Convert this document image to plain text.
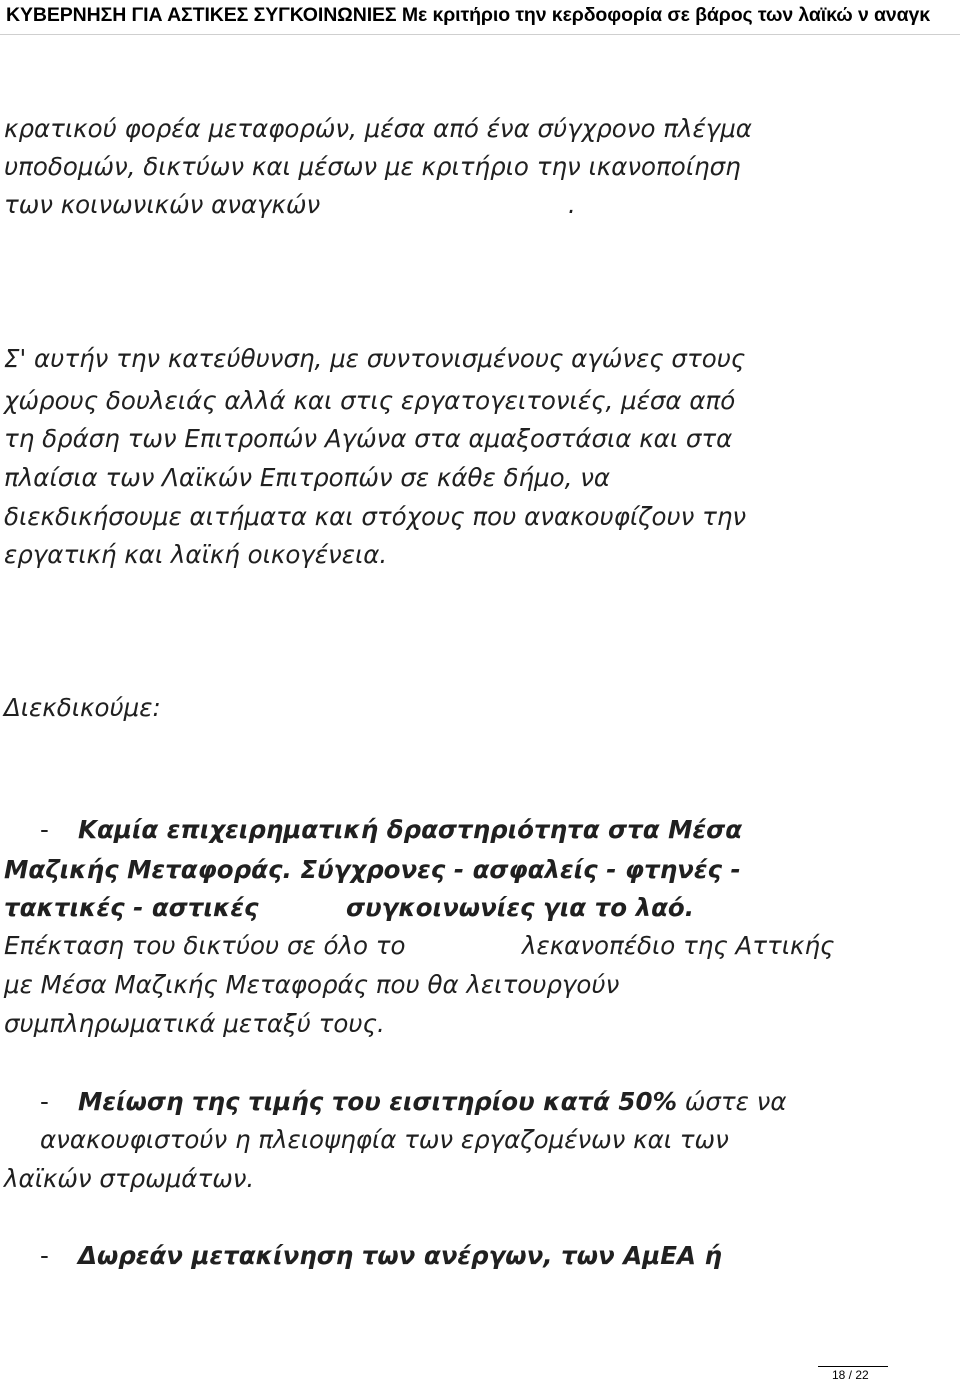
ΚΥΒΕΡΝΗΣΗ ΓΙΑ ΑΣΤΙΚΕΣ ΣΥΓΚΟΙΝΩΝΙΕΣ Με κριτήριο την κερδοφορία σε βάρος των λαϊκώ ν αναγκ
κρατικού φορέα μεταφορών, μέσα από ένα σύγχρονο πλέγμα
υποδομών, δικτύων και μέσων με κριτήριο την ικανοποίηση
των κοινωνικών αναγκών	.
Σ' αυτήν την κατεύθυνση, με συντονισμένους αγώνες στους
χώρους δουλειάς αλλά και στις εργατογειτονιές, μέσα από
τη δράση των Επιτροπών Αγώνα στα αμαξοστάσια και στα
πλαίσια των Λαϊκών Επιτροπών σε κάθε δήμο, να
διεκδικήσουμε αιτήματα και στόχους που ανακουφίζουν την
εργατική και λαϊκή οικογένεια.
Διεκδικούμε:
- Καμία επιχειρηματική δραστηριότητα στα Μέσα
Μαζικής Μεταφοράς. Σύγχρονες - ασφαλείς - φτηνές -
τακτικές - αστικές	συγκοινωνίες για το λαό.
Επέκταση του δικτύου σε όλο το	λεκανοπέδιο της Αττικής
με Μέσα Μαζικής Μεταφοράς που θα λειτουργούν
συμπληρωματικά μεταξύ τους.
- Μείωση της τιμής του εισιτηρίου κατά 50% ώστε να
ανακουφιστούν η πλειοψηφία των εργαζομένων και των
λαϊκών στρωμάτων.
- Δωρεάν μετακίνηση των ανέργων, των ΑμΕΑ ή
18 / 22
